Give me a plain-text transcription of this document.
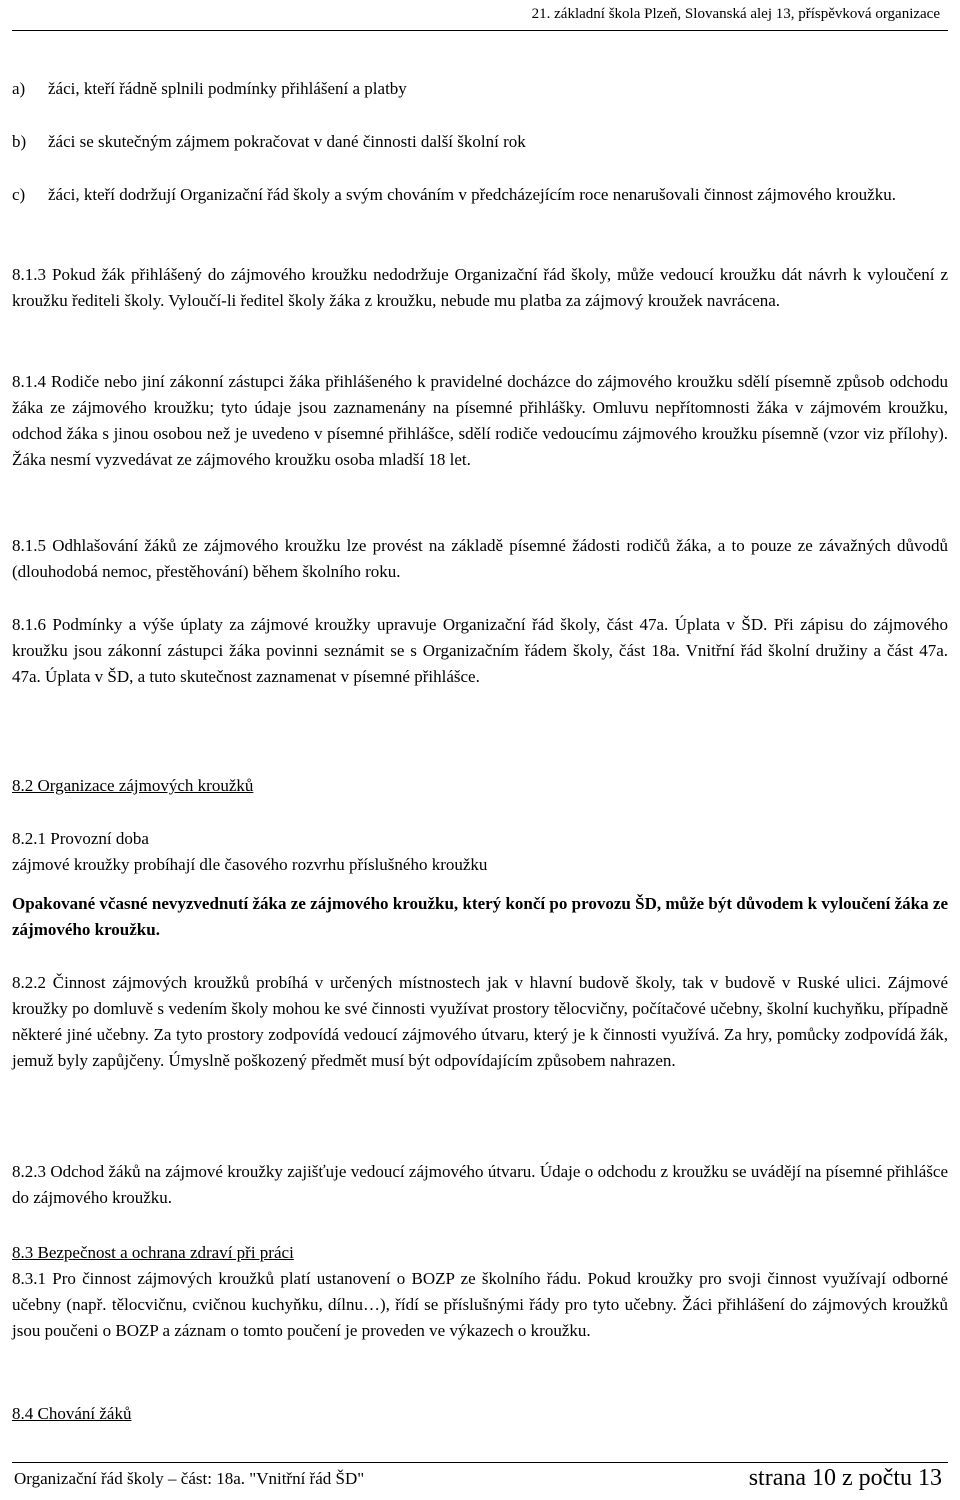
21. základní škola Plzeň, Slovanská alej 13, příspěvková organizace
a) žáci, kteří řádně splnili podmínky přihlášení a platby
b) žáci se skutečným zájmem pokračovat v dané činnosti další školní rok
c)	žáci, kteří dodržují Organizační řád školy a svým chováním v předcházejícím roce nenarušovali činnost zájmového kroužku.
8.1.3 Pokud žák přihlášený do zájmového kroužku nedodržuje Organizační řád školy, může vedoucí kroužku dát návrh k vyloučení z kroužku řediteli školy. Vyloučí-li ředitel školy žáka z kroužku, nebude mu platba za zájmový kroužek navrácena.
8.1.4 Rodiče nebo jiní zákonní zástupci žáka přihlášeného k pravidelné docházce do zájmového kroužku sdělí písemně způsob odchodu žáka ze zájmového kroužku; tyto údaje jsou zaznamenány na písemné přihlášky. Omluvu nepřítomnosti žáka v zájmovém kroužku, odchod žáka s jinou osobou než je uvedeno v písemné přihlášce, sdělí rodiče vedoucímu zájmového kroužku písemně (vzor viz přílohy). Žáka nesmí vyzvedávat ze zájmového kroužku osoba mladší 18 let.
8.1.5 Odhlašování žáků ze zájmového kroužku lze provést na základě písemné žádosti rodičů žáka, a to pouze ze závažných důvodů (dlouhodobá nemoc, přestěhování) během školního roku.
8.1.6 Podmínky a výše úplaty za zájmové kroužky upravuje Organizační řád školy, část 47a. Úplata v ŠD. Při zápisu do zájmového kroužku jsou zákonní zástupci žáka povinni seznámit se s Organizačním řádem školy, část 18a. Vnitřní řád školní družiny a část 47a. 47a. Úplata v ŠD, a tuto skutečnost zaznamenat v písemné přihlášce.
8.2 Organizace zájmových kroužků
8.2.1 Provozní doba
zájmové kroužky probíhají dle časového rozvrhu příslušného kroužku
Opakované včasné nevyzvednutí žáka ze zájmového kroužku, který končí po provozu ŠD, může být důvodem k vyloučení žáka ze zájmového kroužku.
8.2.2 Činnost zájmových kroužků probíhá v určených místnostech jak v hlavní budově školy, tak v budově v Ruské ulici. Zájmové kroužky po domluvě s vedením školy mohou ke své činnosti využívat prostory tělocvičny, počítačové učebny, školní kuchyňku, případně některé jiné učebny. Za tyto prostory zodpovídá vedoucí zájmového útvaru, který je k činnosti využívá. Za hry, pomůcky zodpovídá žák, jemuž byly zapůjčeny. Úmyslně poškozený předmět musí být odpovídajícím způsobem nahrazen.
8.2.3 Odchod žáků na zájmové kroužky zajišťuje vedoucí zájmového útvaru. Údaje o odchodu z kroužku se uvádějí na písemné přihlášce do zájmového kroužku.
8.3 Bezpečnost a ochrana zdraví při práci
8.3.1 Pro činnost zájmových kroužků platí ustanovení o BOZP ze školního řádu. Pokud kroužky pro svoji činnost využívají odborné učebny (např. tělocvičnu, cvičnou kuchyňku, dílnu…), řídí se příslušnými řády pro tyto učebny. Žáci přihlášení do zájmových kroužků jsou poučeni o BOZP a záznam o tomto poučení je proveden ve výkazech o kroužku.
8.4 Chování žáků
Organizační řád školy – část: 18a. "Vnitřní řád ŠD"	strana 10 z počtu 13
